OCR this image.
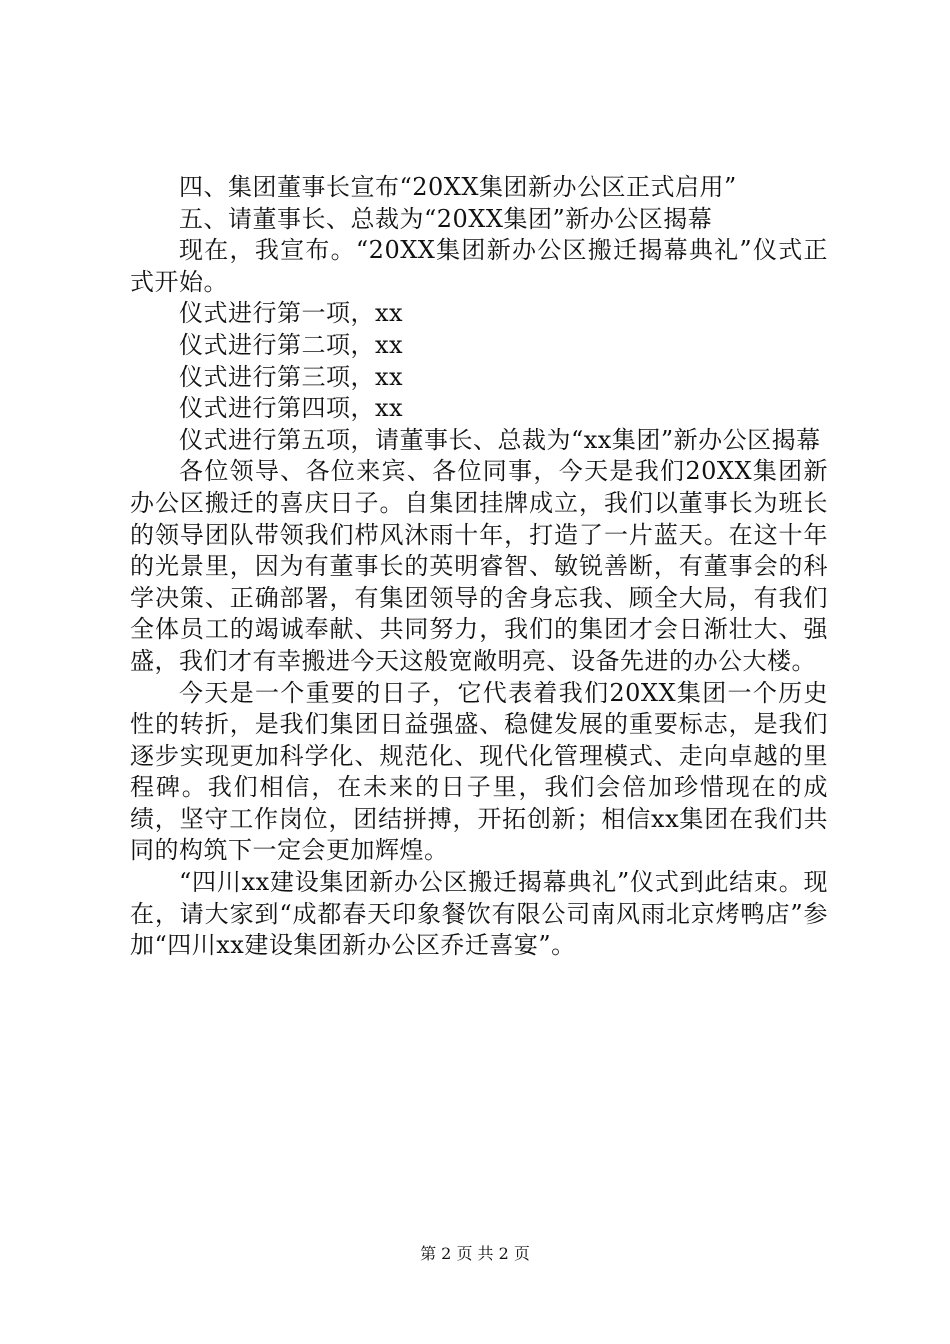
四、集团董事长宣布“20XX集团新办公区正式启用”

五、请董事长、总裁为“20XX集团”新办公区揭幕

现在，我宣布。“20XX集团新办公区搬迁揭幕典礼”仪式正式开始。

仪式进行第一项，xx

仪式进行第二项，xx

仪式进行第三项，xx

仪式进行第四项，xx

仪式进行第五项，请董事长、总裁为“xx集团”新办公区揭幕

各位领导、各位来宾、各位同事，今天是我们20XX集团新办公区搬迁的喜庆日子。自集团挂牌成立，我们以董事长为班长的领导团队带领我们栉风沐雨十年，打造了一片蓝天。在这十年的光景里，因为有董事长的英明睿智、敏锐善断，有董事会的科学决策、正确部署，有集团领导的舍身忘我、顾全大局，有我们全体员工的竭诚奉献、共同努力，我们的集团才会日渐壮大、强盛，我们才有幸搬进今天这般宽敞明亮、设备先进的办公大楼。

今天是一个重要的日子，它代表着我们20XX集团一个历史性的转折，是我们集团日益强盛、稳健发展的重要标志，是我们逐步实现更加科学化、规范化、现代化管理模式、走向卓越的里程碑。我们相信，在未来的日子里，我们会倍加珍惜现在的成绩，坚守工作岗位，团结拼搏，开拓创新；相信xx集团在我们共同的构筑下一定会更加辉煌。

“四川xx建设集团新办公区搬迁揭幕典礼”仪式到此结束。现在，请大家到“成都春天印象餐饮有限公司南风雨北京烤鸭店”参加“四川xx建设集团新办公区乔迁喜宴”。

第 2 页 共 2 页
